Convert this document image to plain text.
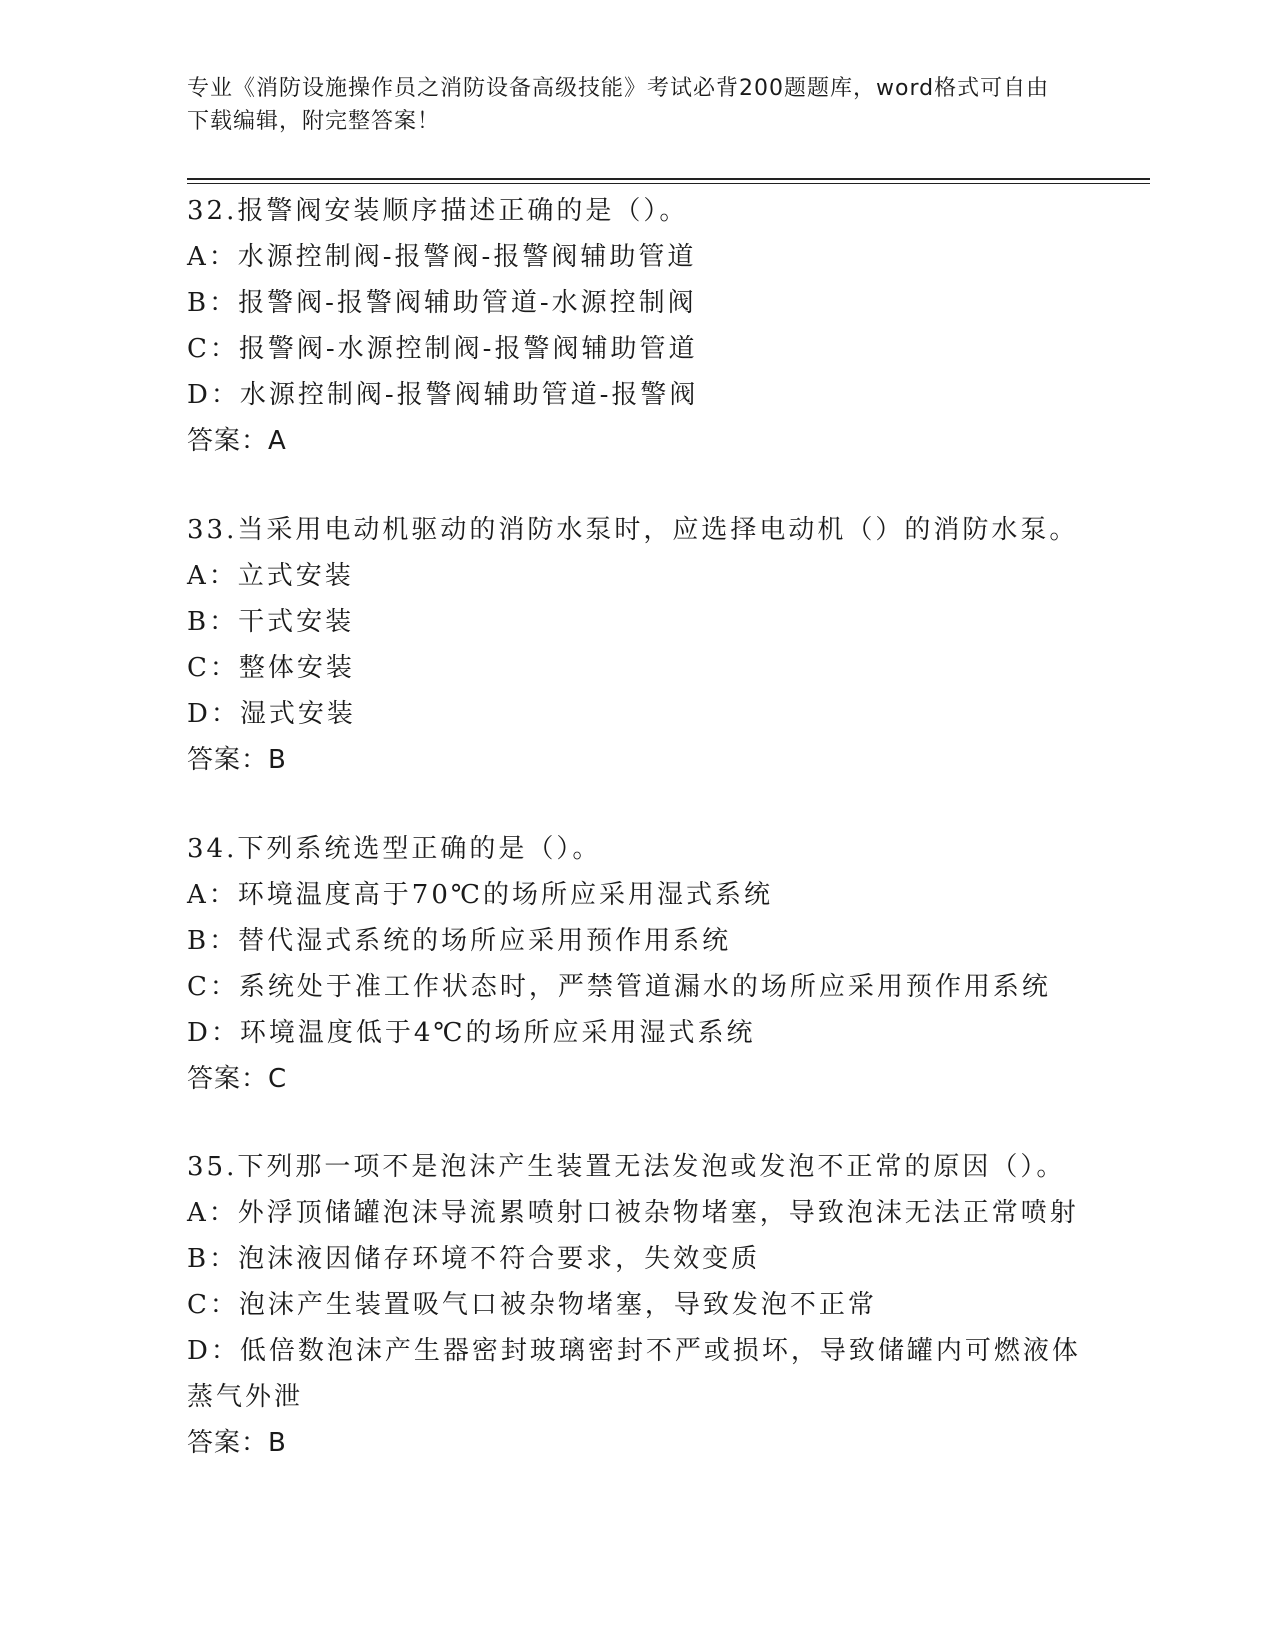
专业《消防设施操作员之消防设备高级技能》考试必背200题题库，word格式可自由下载编辑，附完整答案！
32.报警阀安装顺序描述正确的是（）。
A：水源控制阀-报警阀-报警阀辅助管道
B：报警阀-报警阀辅助管道-水源控制阀
C：报警阀-水源控制阀-报警阀辅助管道
D：水源控制阀-报警阀辅助管道-报警阀
答案：A
33.当采用电动机驱动的消防水泵时，应选择电动机（）的消防水泵。
A：立式安装
B：干式安装
C：整体安装
D：湿式安装
答案：B
34.下列系统选型正确的是（）。
A：环境温度高于70℃的场所应采用湿式系统
B：替代湿式系统的场所应采用预作用系统
C：系统处于准工作状态时，严禁管道漏水的场所应采用预作用系统
D：环境温度低于4℃的场所应采用湿式系统
答案：C
35.下列那一项不是泡沫产生装置无法发泡或发泡不正常的原因（）。
A：外浮顶储罐泡沫导流累喷射口被杂物堵塞，导致泡沫无法正常喷射
B：泡沫液因储存环境不符合要求，失效变质
C：泡沫产生装置吸气口被杂物堵塞，导致发泡不正常
D：低倍数泡沫产生器密封玻璃密封不严或损坏，导致储罐内可燃液体蒸气外泄
答案：B
